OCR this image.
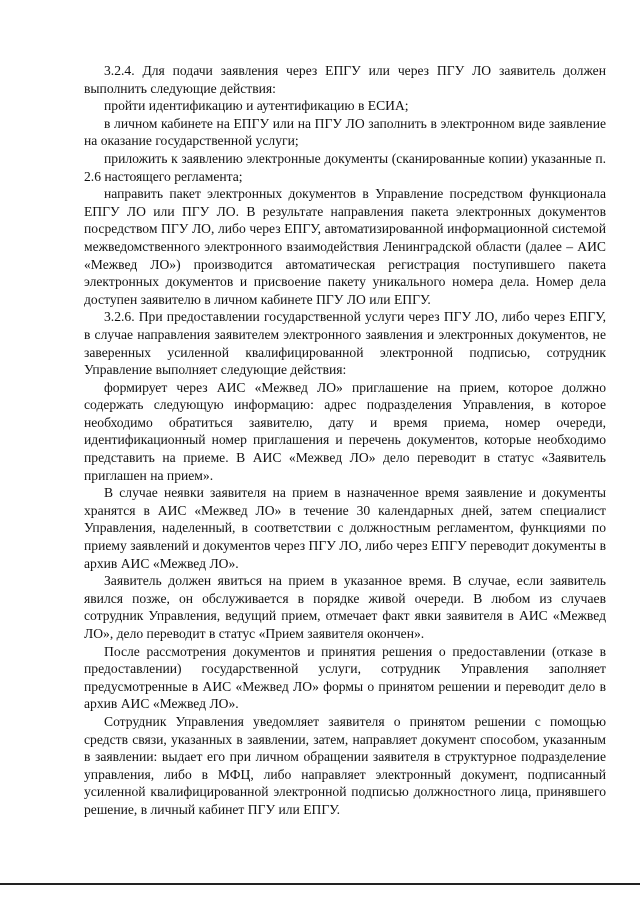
3.2.4. Для подачи заявления через ЕПГУ или через ПГУ ЛО заявитель должен выполнить следующие действия:

пройти идентификацию и аутентификацию в ЕСИА;

в личном кабинете на ЕПГУ или на ПГУ ЛО заполнить в электронном виде заявление на оказание государственной услуги;

приложить к заявлению электронные документы (сканированные копии) указанные п. 2.6 настоящего регламента;

направить пакет электронных документов в Управление посредством функционала ЕПГУ ЛО или ПГУ ЛО. В результате направления пакета электронных документов посредством ПГУ ЛО, либо через ЕПГУ, автоматизированной информационной системой межведомственного электронного взаимодействия Ленинградской области (далее – АИС «Межвед ЛО») производится автоматическая регистрация поступившего пакета электронных документов и присвоение пакету уникального номера дела. Номер дела доступен заявителю в личном кабинете ПГУ ЛО или ЕПГУ.

3.2.6. При предоставлении государственной услуги через ПГУ ЛО, либо через ЕПГУ, в случае направления заявителем электронного заявления и электронных документов, не заверенных усиленной квалифицированной электронной подписью, сотрудник Управление выполняет следующие действия:

формирует через АИС «Межвед ЛО» приглашение на прием, которое должно содержать следующую информацию: адрес подразделения Управления, в которое необходимо обратиться заявителю, дату и время приема, номер очереди, идентификационный номер приглашения и перечень документов, которые необходимо представить на приеме. В АИС «Межвед ЛО» дело переводит в статус «Заявитель приглашен на прием».

В случае неявки заявителя на прием в назначенное время заявление и документы хранятся в АИС «Межвед ЛО» в течение 30 календарных дней, затем специалист Управления, наделенный, в соответствии с должностным регламентом, функциями по приему заявлений и документов через ПГУ ЛО, либо через ЕПГУ переводит документы в архив АИС «Межвед ЛО».

Заявитель должен явиться на прием в указанное время. В случае, если заявитель явился позже, он обслуживается в порядке живой очереди. В любом из случаев сотрудник Управления, ведущий прием, отмечает факт явки заявителя в АИС «Межвед ЛО», дело переводит в статус «Прием заявителя окончен».

После рассмотрения документов и принятия решения о предоставлении (отказе в предоставлении) государственной услуги, сотрудник Управления заполняет предусмотренные в АИС «Межвед ЛО» формы о принятом решении и переводит дело в архив АИС «Межвед ЛО».

Сотрудник Управления уведомляет заявителя о принятом решении с помощью средств связи, указанных в заявлении, затем, направляет документ способом, указанным в заявлении: выдает его при личном обращении заявителя в структурное подразделение управления, либо в МФЦ, либо направляет электронный документ, подписанный усиленной квалифицированной электронной подписью должностного лица, принявшего решение, в личный кабинет ПГУ или ЕПГУ.
